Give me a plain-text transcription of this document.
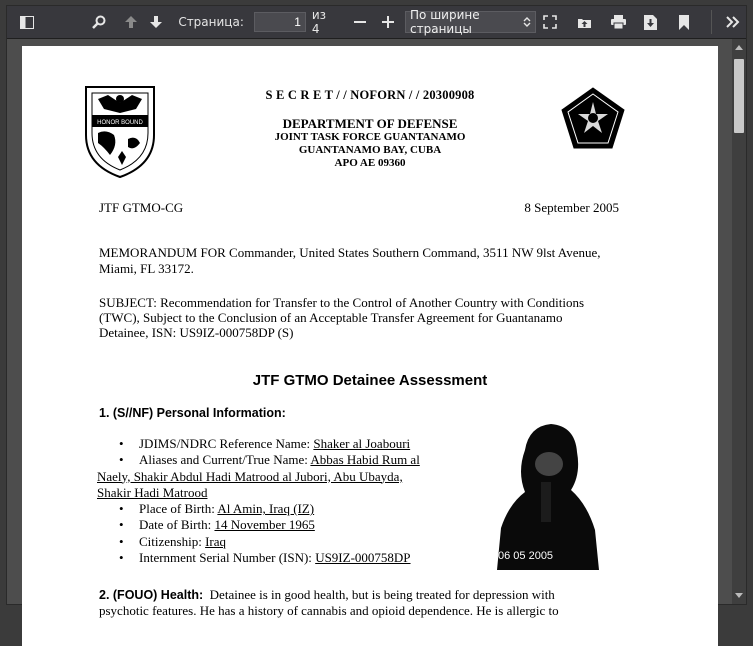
Страница:
1	из 4
По ширине страницы
HONOR BOUND
S E C R E T / / NOFORN / / 20300908
DEPARTMENT OF DEFENSE
JOINT TASK FORCE GUANTANAMO
GUANTANAMO BAY, CUBA
APO AE 09360
JTF GTMO-CG	8 September 2005
MEMORANDUM FOR Commander, United States Southern Command, 3511 NW 9lst Avenue,
Miami, FL 33172.
SUBJECT: Recommendation for Transfer to the Control of Another Country with Conditions
(TWC), Subject to the Conclusion of an Acceptable Transfer Agreement for Guantanamo
Detainee, ISN: US9IZ-000758DP (S)
JTF GTMO Detainee Assessment
1. (S//NF) Personal Information:
• JDIMS/NDRC Reference Name: Shaker al Joabouri
• Aliases and Current/True Name: Abbas Habid Rum al
Naely, Shakir Abdul Hadi Matrood al Jubori, Abu Ubayda,
Shakir Hadi Matrood
• Place of Birth: Al Amin, Iraq (IZ)
• Date of Birth: 14 November 1965
• Citizenship: Iraq
• Internment Serial Number (ISN): US9IZ-000758DP	06 05 2005
2. (FOUO) Health: Detainee is in good health, but is being treated for depression with
psychotic features. He has a history of cannabis and opioid dependence. He is allergic to
